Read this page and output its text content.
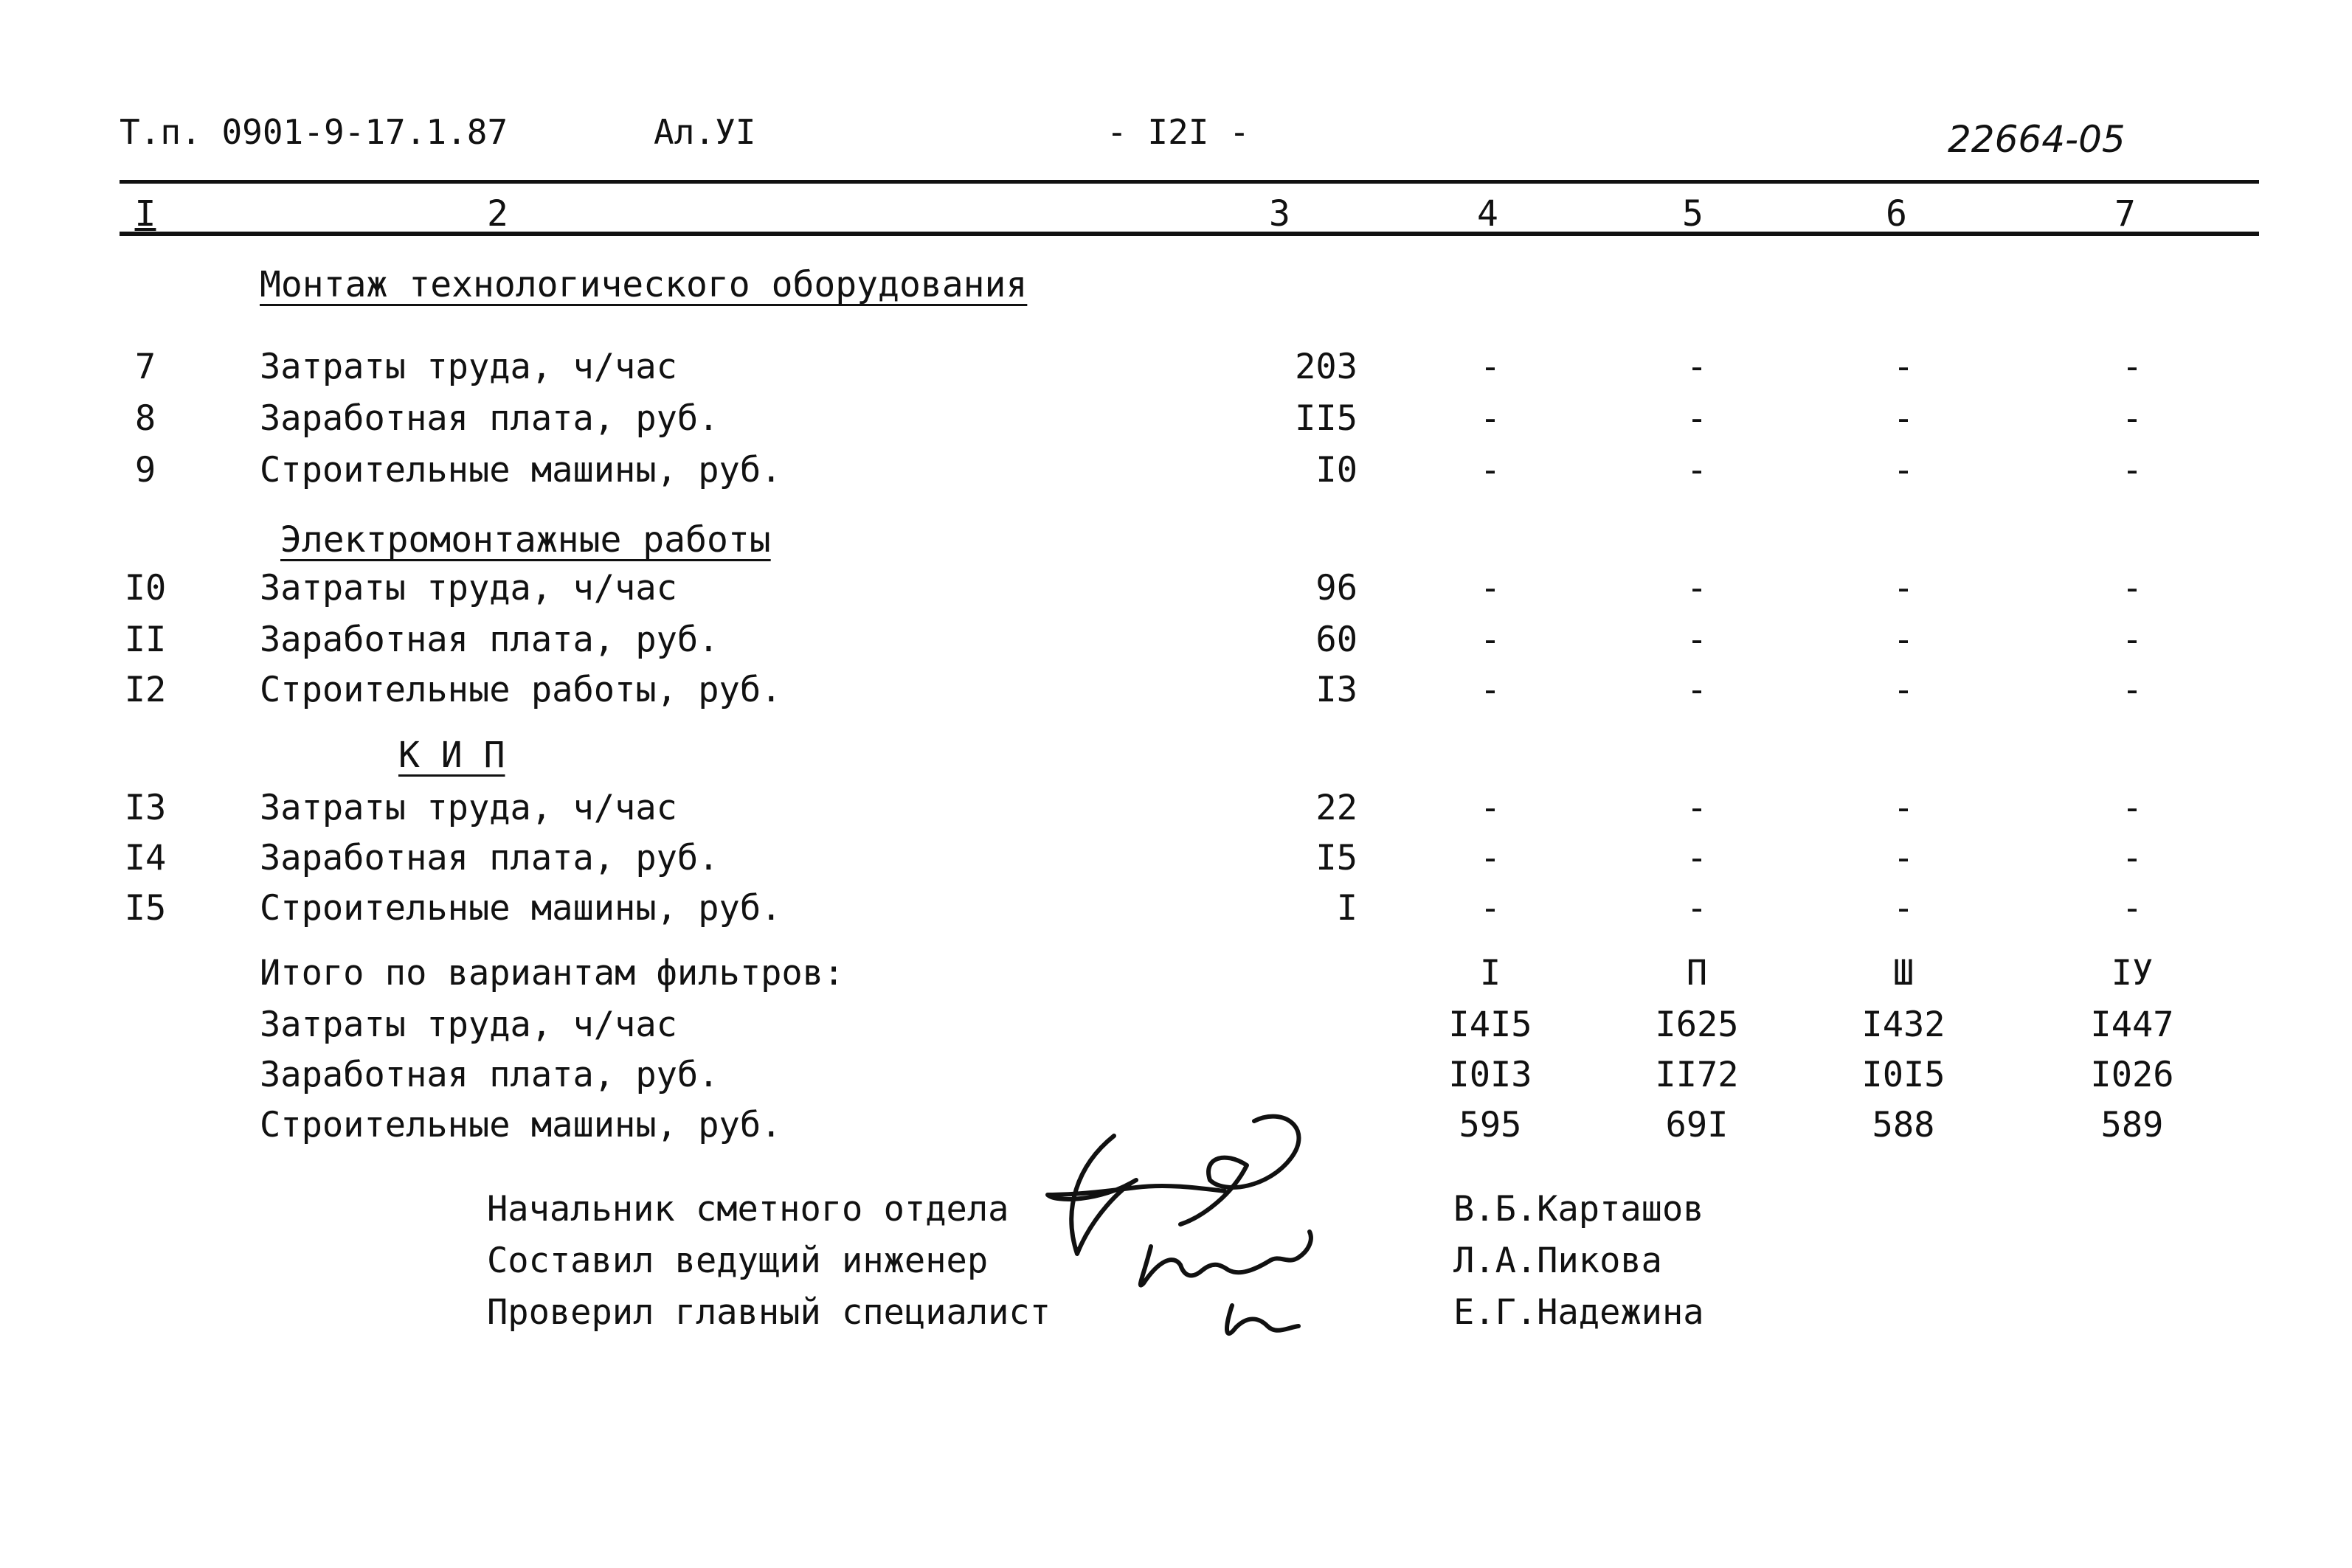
Т.п. 0901-9-17.1.87	Ал.УI	- I2I -	22664-05
I	2	3	4	5	6	7
Монтаж технологического оборудования
7	Затраты труда, ч/час	203	-	-	-	-
8	Заработная плата, руб.	II5	-	-	-	-
9	Строительные машины, руб.	I0	-	-	-	-
Электромонтажные работы
I0	Затраты труда, ч/час	96	-	-	-	-
II	Заработная плата, руб.	60	-	-	-	-
I2	Строительные работы, руб.	I3	-	-	-	-
К И П
I3	Затраты труда, ч/час	22	-	-	-	-
I4	Заработная плата, руб.	I5	-	-	-	-
I5	Строительные машины, руб.	I	-	-	-	-
Итого по вариантам фильтров:	I	П	Ш	IУ
Затраты труда, ч/час	I4I5	I625	I432	I447
Заработная плата, руб.	I0I3	II72	I0I5	I026
Строительные машины, руб.	595	69I	588	589
Начальник сметного отдела
Составил ведущий инженер
Проверил главный специалист
В.Б.Карташов
Л.А.Пикова
Е.Г.Надежина
